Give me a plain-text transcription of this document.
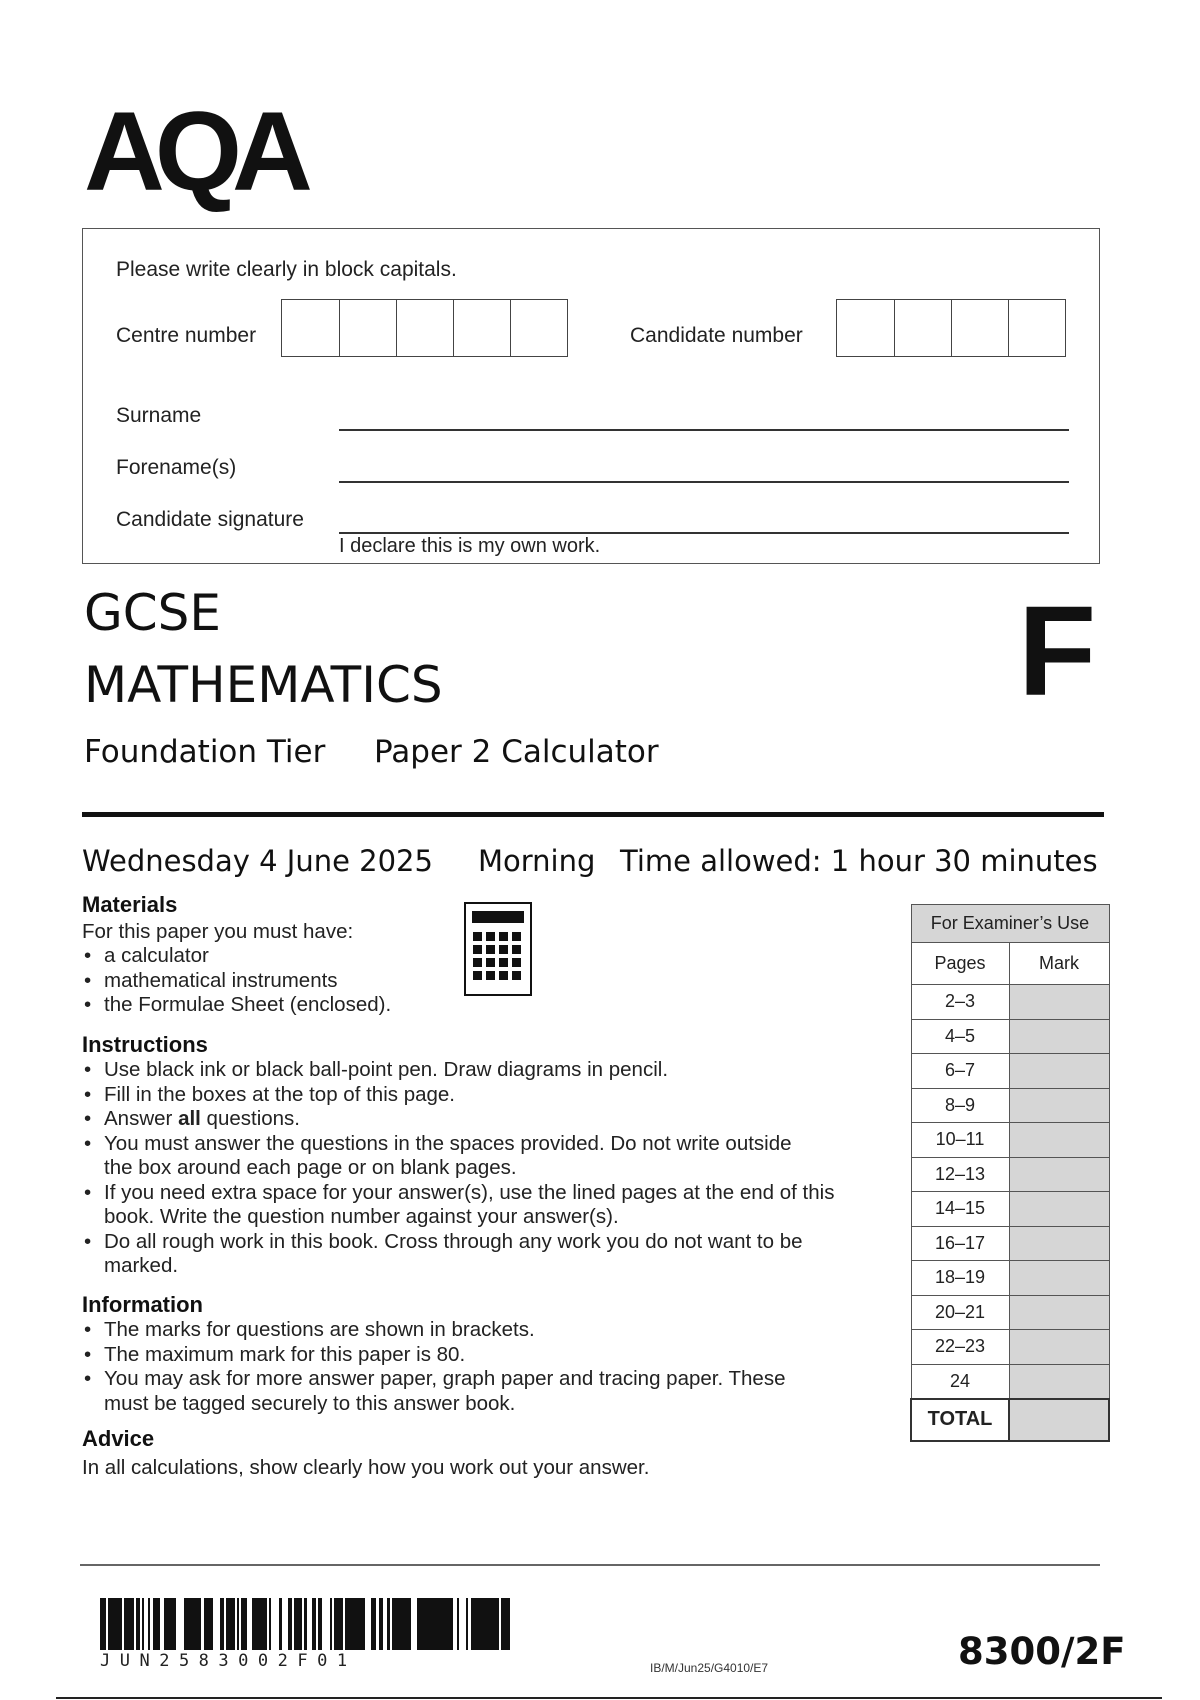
AQA
Please write clearly in block capitals.
Centre number	Candidate number
Surname
Forename(s)
Candidate signature
I declare this is my own work.
GCSE
MATHEMATICS
Foundation Tier Paper 2 Calculator
F
Wednesday 4 June 2025 Morning Time allowed: 1 hour 30 minutes
Materials
For this paper you must have:
• a calculator
• mathematical instruments
• the Formulae Sheet (enclosed).
Instructions
• Use black ink or black ball-point pen. Draw diagrams in pencil.
• Fill in the boxes at the top of this page.
• Answer all questions.
• You must answer the questions in the spaces provided. Do not write outside the box around each page or on blank pages.
• If you need extra space for your answer(s), use the lined pages at the end of this book. Write the question number against your answer(s).
• Do all rough work in this book. Cross through any work you do not want to be marked.
Information
• The marks for questions are shown in brackets.
• The maximum mark for this paper is 80.
• You may ask for more answer paper, graph paper and tracing paper. These must be tagged securely to this answer book.
Advice
In all calculations, show clearly how you work out your answer.
For Examiner’s Use	
Pages	Mark
2–3	
4–5	
6–7	
8–9	
10–11	
12–13	
14–15	
16–17	
18–19	
20–21	
22–23	
24	
TOTAL	
JUN2583002F01	IB/M/Jun25/G4010/E7	8300/2F
